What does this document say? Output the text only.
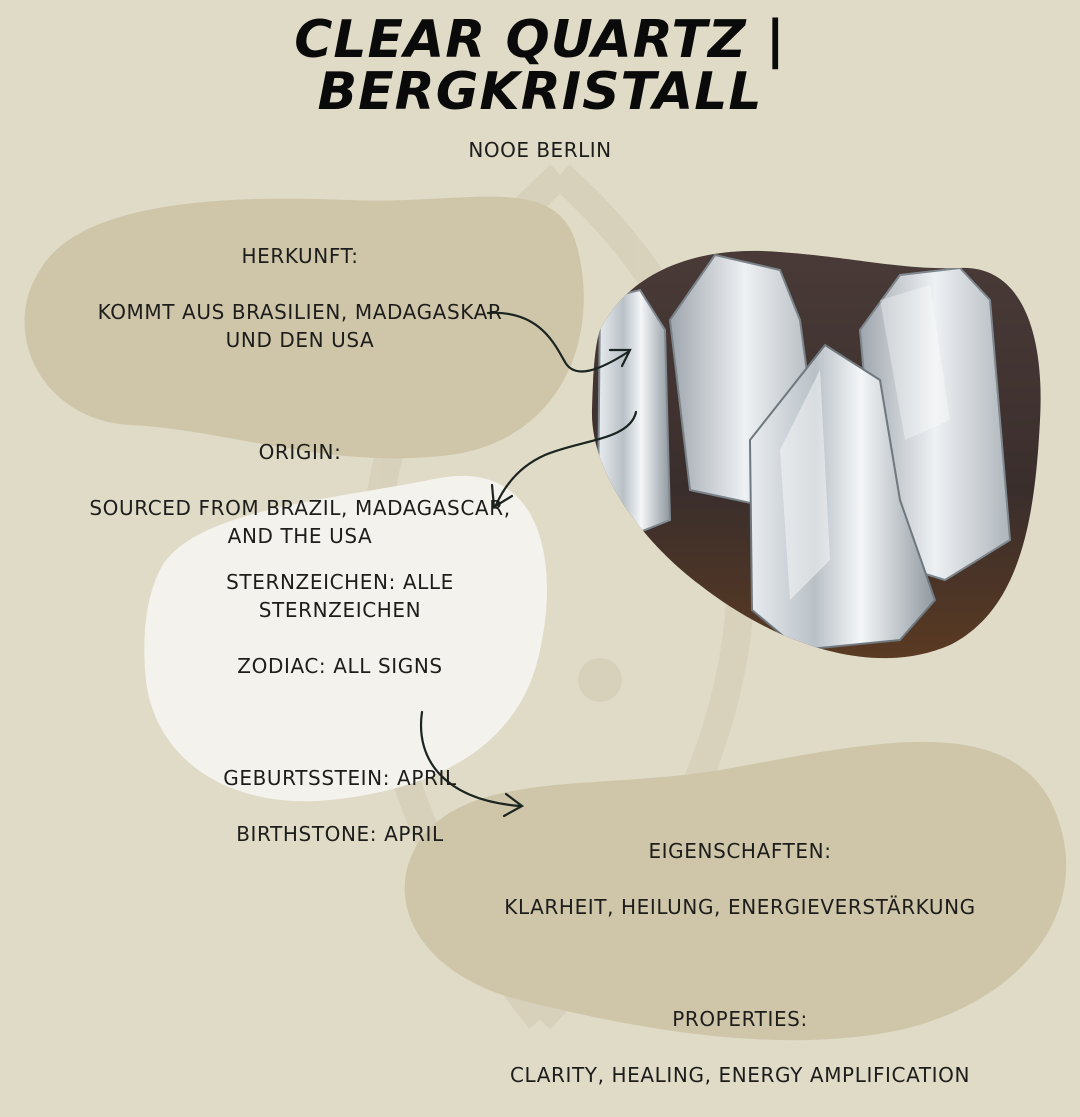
CLEAR QUARTZ |
BERGKRISTALL
NOOE BERLIN

HERKUNFT:

KOMMT AUS BRASILIEN, MADAGASKAR
UND DEN USA

ORIGIN:

SOURCED FROM BRAZIL, MADAGASCAR,
AND THE USA

STERNZEICHEN: ALLE
STERNZEICHEN

ZODIAC: ALL SIGNS

GEBURTSSTEIN: APRIL

BIRTHSTONE: APRIL

EIGENSCHAFTEN:

KLARHEIT, HEILUNG, ENERGIEVERSTÄRKUNG

PROPERTIES:

CLARITY, HEALING, ENERGY AMPLIFICATION
